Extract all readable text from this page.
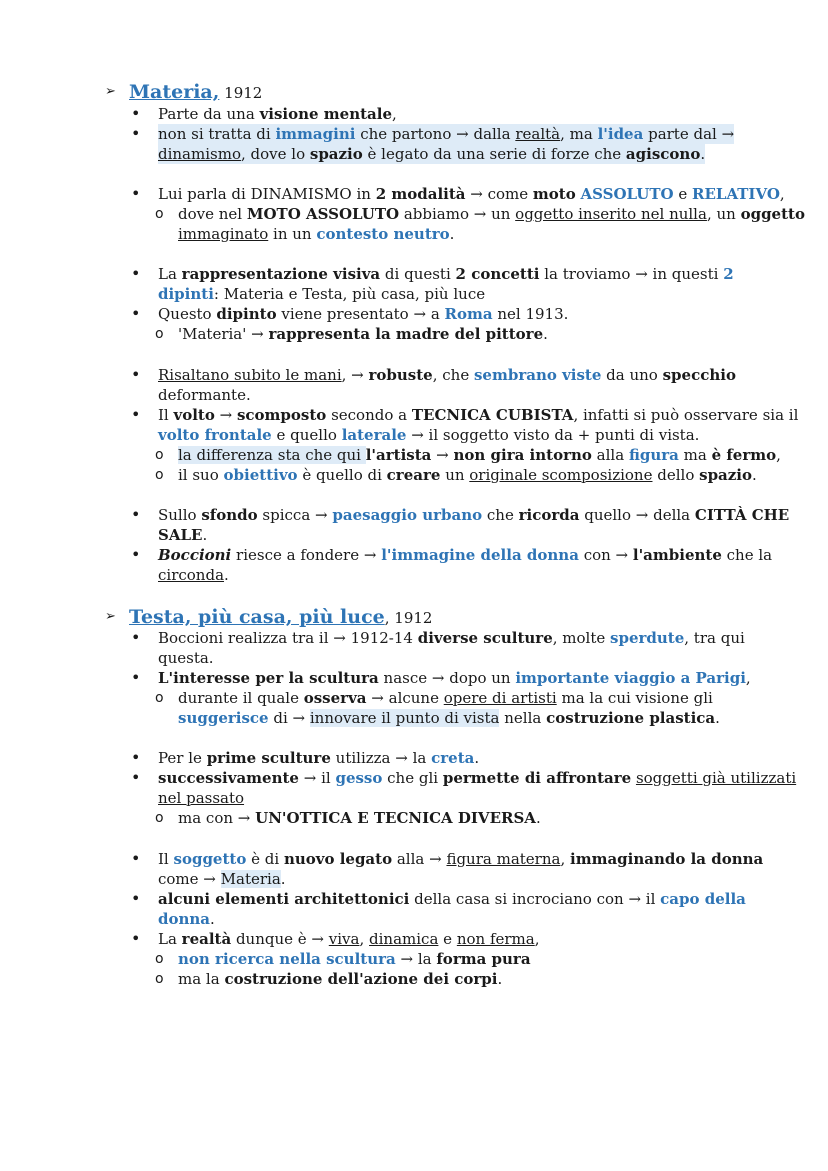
➢ Materia, 1912
• Parte da una visione mentale,
• non si tratta di immagini che partono → dalla realtà, ma l'idea parte dal →
dinamismo, dove lo spazio è legato da una serie di forze che agiscono.
• Lui parla di DINAMISMO in 2 modalità → come moto ASSOLUTO e RELATIVO,
o dove nel MOTO ASSOLUTO abbiamo → un oggetto inserito nel nulla, un oggetto
immaginato in un contesto neutro.
• La rappresentazione visiva di questi 2 concetti la troviamo → in questi 2
dipinti: Materia e Testa, più casa, più luce
• Questo dipinto viene presentato → a Roma nel 1913.
o 'Materia' → rappresenta la madre del pittore.
• Risaltano subito le mani, → robuste, che sembrano viste da uno specchio
deformante.
• Il volto → scomposto secondo a TECNICA CUBISTA, infatti si può osservare sia il
volto frontale e quello laterale → il soggetto visto da + punti di vista.
o la differenza sta che qui l'artista → non gira intorno alla figura ma è fermo,
o il suo obiettivo è quello di creare un originale scomposizione dello spazio.
• Sullo sfondo spicca → paesaggio urbano che ricorda quello → della CITTÀ CHE
SALE.
• Boccioni riesce a fondere → l'immagine della donna con → l'ambiente che la
circonda.
➢ Testa, più casa, più luce, 1912
• Boccioni realizza tra il → 1912-14 diverse sculture, molte sperdute, tra qui
questa.
• L'interesse per la scultura nasce → dopo un importante viaggio a Parigi,
o durante il quale osserva → alcune opere di artisti ma la cui visione gli
suggerisce di → innovare il punto di vista nella costruzione plastica.
• Per le prime sculture utilizza → la creta.
• successivamente → il gesso che gli permette di affrontare soggetti già utilizzati
nel passato
o ma con → UN'OTTICA E TECNICA DIVERSA.
• Il soggetto è di nuovo legato alla → figura materna, immaginando la donna
come → Materia.
• alcuni elementi architettonici della casa si incrociano con → il capo della
donna.
• La realtà dunque è → viva, dinamica e non ferma,
o non ricerca nella scultura → la forma pura
o ma la costruzione dell'azione dei corpi.
